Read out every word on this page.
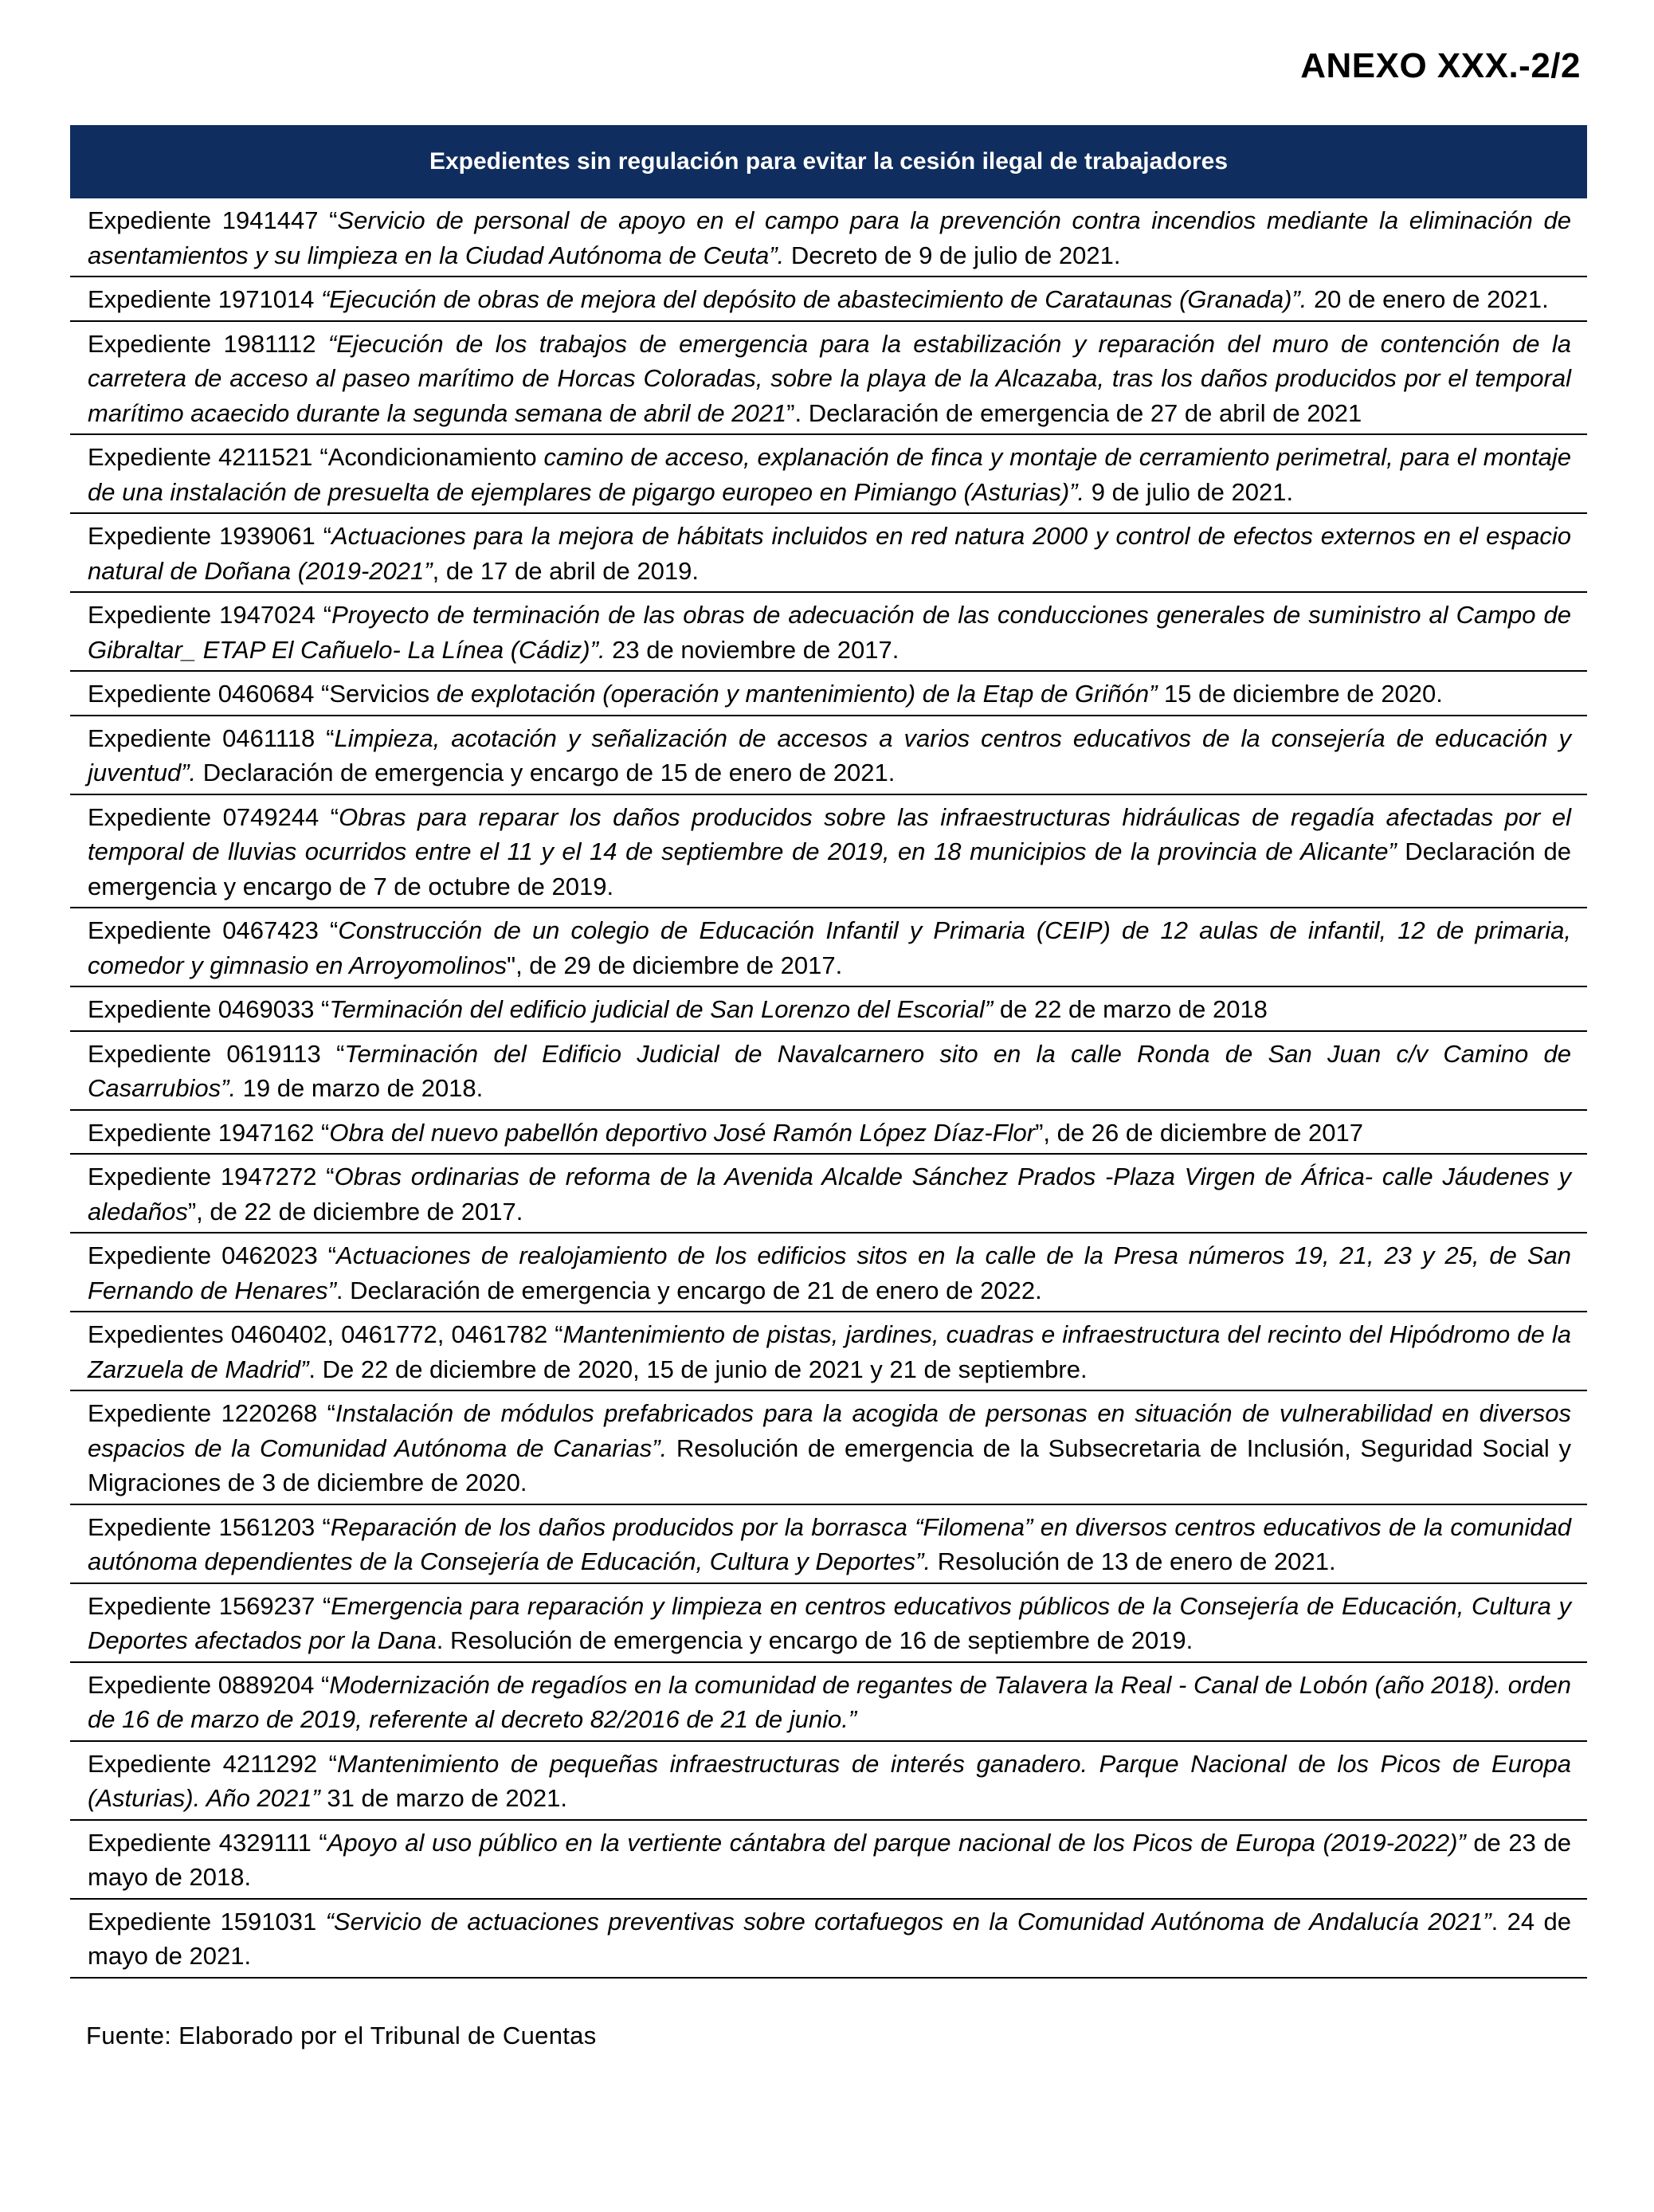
ANEXO XXX.-2/2
Expedientes sin regulación para evitar la cesión ilegal de trabajadores
Expediente 1941447 “Servicio de personal de apoyo en el campo para la prevención contra incendios mediante la eliminación de asentamientos y su limpieza en la Ciudad Autónoma de Ceuta”. Decreto de 9 de julio de 2021.
Expediente 1971014 “Ejecución de obras de mejora del depósito de abastecimiento de Carataunas (Granada)”. 20 de enero de 2021.
Expediente 1981112 “Ejecución de los trabajos de emergencia para la estabilización y reparación del muro de contención de la carretera de acceso al paseo marítimo de Horcas Coloradas, sobre la playa de la Alcazaba, tras los daños producidos por el temporal marítimo acaecido durante la segunda semana de abril de 2021”. Declaración de emergencia de 27 de abril de 2021
Expediente 4211521 “Acondicionamiento camino de acceso, explanación de finca y montaje de cerramiento perimetral, para el montaje de una instalación de presuelta de ejemplares de pigargo europeo en Pimiango (Asturias)”. 9 de julio de 2021.
Expediente 1939061 “Actuaciones para la mejora de hábitats incluidos en red natura 2000 y control de efectos externos en el espacio natural de Doñana (2019-2021”, de 17 de abril de 2019.
Expediente 1947024 “Proyecto de terminación de las obras de adecuación de las conducciones generales de suministro al Campo de Gibraltar_ ETAP El Cañuelo- La Línea (Cádiz)”. 23 de noviembre de 2017.
Expediente 0460684 “Servicios de explotación (operación y mantenimiento) de la Etap de Griñón” 15 de diciembre de 2020.
Expediente 0461118 “Limpieza, acotación y señalización de accesos a varios centros educativos de la consejería de educación y juventud”. Declaración de emergencia y encargo de 15 de enero de 2021.
Expediente 0749244 “Obras para reparar los daños producidos sobre las infraestructuras hidráulicas de regadía afectadas por el temporal de lluvias ocurridos entre el 11 y el 14 de septiembre de 2019, en 18 municipios de la provincia de Alicante” Declaración de emergencia y encargo de 7 de octubre de 2019.
Expediente 0467423 “Construcción de un colegio de Educación Infantil y Primaria (CEIP) de 12 aulas de infantil, 12 de primaria, comedor y gimnasio en Arroyomolinos", de 29 de diciembre de 2017.
Expediente 0469033 “Terminación del edificio judicial de San Lorenzo del Escorial” de 22 de marzo de 2018
Expediente 0619113 “Terminación del Edificio Judicial de Navalcarnero sito en la calle Ronda de San Juan c/v Camino de Casarrubios”. 19 de marzo de 2018.
Expediente 1947162 “Obra del nuevo pabellón deportivo José Ramón López Díaz-Flor”, de 26 de diciembre de 2017
Expediente 1947272 “Obras ordinarias de reforma de la Avenida Alcalde Sánchez Prados -Plaza Virgen de África- calle Jáudenes y aledaños”, de 22 de diciembre de 2017.
Expediente 0462023 “Actuaciones de realojamiento de los edificios sitos en la calle de la Presa números 19, 21, 23 y 25, de San Fernando de Henares”. Declaración de emergencia y encargo de 21 de enero de 2022.
Expedientes 0460402, 0461772, 0461782 “Mantenimiento de pistas, jardines, cuadras e infraestructura del recinto del Hipódromo de la Zarzuela de Madrid”. De 22 de diciembre de 2020, 15 de junio de 2021 y 21 de septiembre.
Expediente 1220268 “Instalación de módulos prefabricados para la acogida de personas en situación de vulnerabilidad en diversos espacios de la Comunidad Autónoma de Canarias”. Resolución de emergencia de la Subsecretaria de Inclusión, Seguridad Social y Migraciones de 3 de diciembre de 2020.
Expediente 1561203 “Reparación de los daños producidos por la borrasca “Filomena” en diversos centros educativos de la comunidad autónoma dependientes de la Consejería de Educación, Cultura y Deportes”. Resolución de 13 de enero de 2021.
Expediente 1569237 “Emergencia para reparación y limpieza en centros educativos públicos de la Consejería de Educación, Cultura y Deportes afectados por la Dana. Resolución de emergencia y encargo de 16 de septiembre de 2019.
Expediente 0889204 “Modernización de regadíos en la comunidad de regantes de Talavera la Real - Canal de Lobón (año 2018). orden de 16 de marzo de 2019, referente al decreto 82/2016 de 21 de junio.”
Expediente 4211292 “Mantenimiento de pequeñas infraestructuras de interés ganadero. Parque Nacional de los Picos de Europa (Asturias). Año 2021” 31 de marzo de 2021.
Expediente 4329111 “Apoyo al uso público en la vertiente cántabra del parque nacional de los Picos de Europa (2019-2022)” de 23 de mayo de 2018.
Expediente 1591031 “Servicio de actuaciones preventivas sobre cortafuegos en la Comunidad Autónoma de Andalucía 2021”. 24 de mayo de 2021.
Fuente: Elaborado por el Tribunal de Cuentas
